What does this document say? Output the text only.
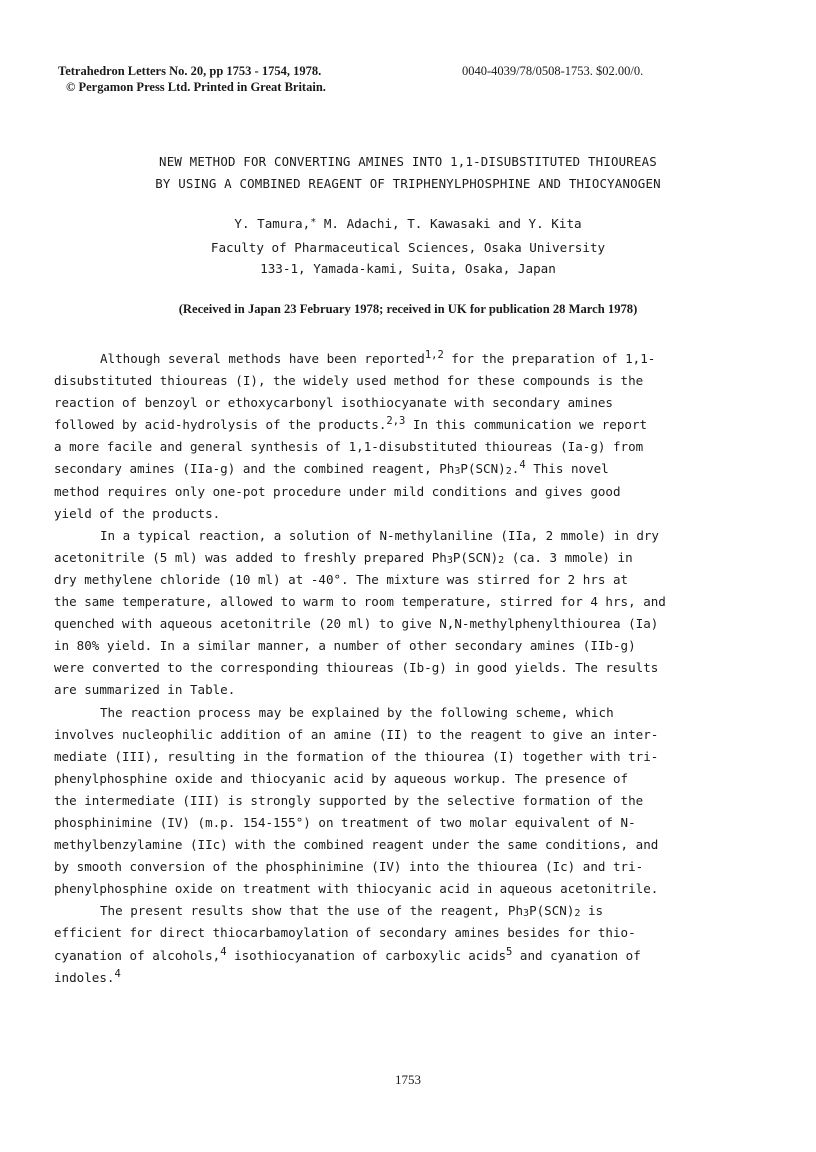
Tetrahedron Letters No. 20, pp 1753 - 1754, 1978.	0040-4039/78/0508-1753. $02.00/0.
© Pergamon Press Ltd. Printed in Great Britain.
NEW METHOD FOR CONVERTING AMINES INTO 1,1-DISUBSTITUTED THIOUREAS
BY USING A COMBINED REAGENT OF TRIPHENYLPHOSPHINE AND THIOCYANOGEN
Y. Tamura,* M. Adachi, T. Kawasaki and Y. Kita
Faculty of Pharmaceutical Sciences, Osaka University
133-1, Yamada-kami, Suita, Osaka, Japan
(Received in Japan 23 February 1978; received in UK for publication 28 March 1978)

Although several methods have been reported$^{1,2}$ for the preparation of 1,1-
disubstituted thioureas (I), the widely used method for these compounds is the
reaction of benzoyl or ethoxycarbonyl isothiocyanate with secondary amines
followed by acid-hydrolysis of the products.$^{2,3}$ In this communication we report
a more facile and general synthesis of 1,1-disubstituted thioureas (Ia-g) from
secondary amines (IIa-g) and the combined reagent, $Ph_3P(SCN)_2.^4$ This novel
method requires only one-pot procedure under mild conditions and gives good
yield of the products.

In a typical reaction, a solution of N-methylaniline (IIa, 2 mmole) in dry
acetonitrile (5 ml) was added to freshly prepared $Ph_3P(SCN)_2$ (ca. 3 mmole) in
dry methylene chloride (10 ml) at -40°. The mixture was stirred for 2 hrs at
the same temperature, allowed to warm to room temperature, stirred for 4 hrs, and
quenched with aqueous acetonitrile (20 ml) to give N,N-methylphenylthiourea (Ia)
in 80% yield. In a similar manner, a number of other secondary amines (IIb-g)
were converted to the corresponding thioureas (Ib-g) in good yields. The results
are summarized in Table.

The reaction process may be explained by the following scheme, which
involves nucleophilic addition of an amine (II) to the reagent to give an inter-
mediate (III), resulting in the formation of the thiourea (I) together with tri-
phenylphosphine oxide and thiocyanic acid by aqueous workup. The presence of
the intermediate (III) is strongly supported by the selective formation of the
phosphinimine (IV) (m.p. 154-155°) on treatment of two molar equivalent of N-
methylbenzylamine (IIc) with the combined reagent under the same conditions, and
by smooth conversion of the phosphinimine (IV) into the thiourea (Ic) and tri-
phenylphosphine oxide on treatment with thiocyanic acid in aqueous acetonitrile.

The present results show that the use of the reagent, $Ph_3P(SCN)_2$ is
efficient for direct thiocarbamoylation of secondary amines besides for thio-
cyanation of alcohols,$^4$ isothiocyanation of carboxylic acids$^5$ and cyanation of
indoles.$^4$

1753
